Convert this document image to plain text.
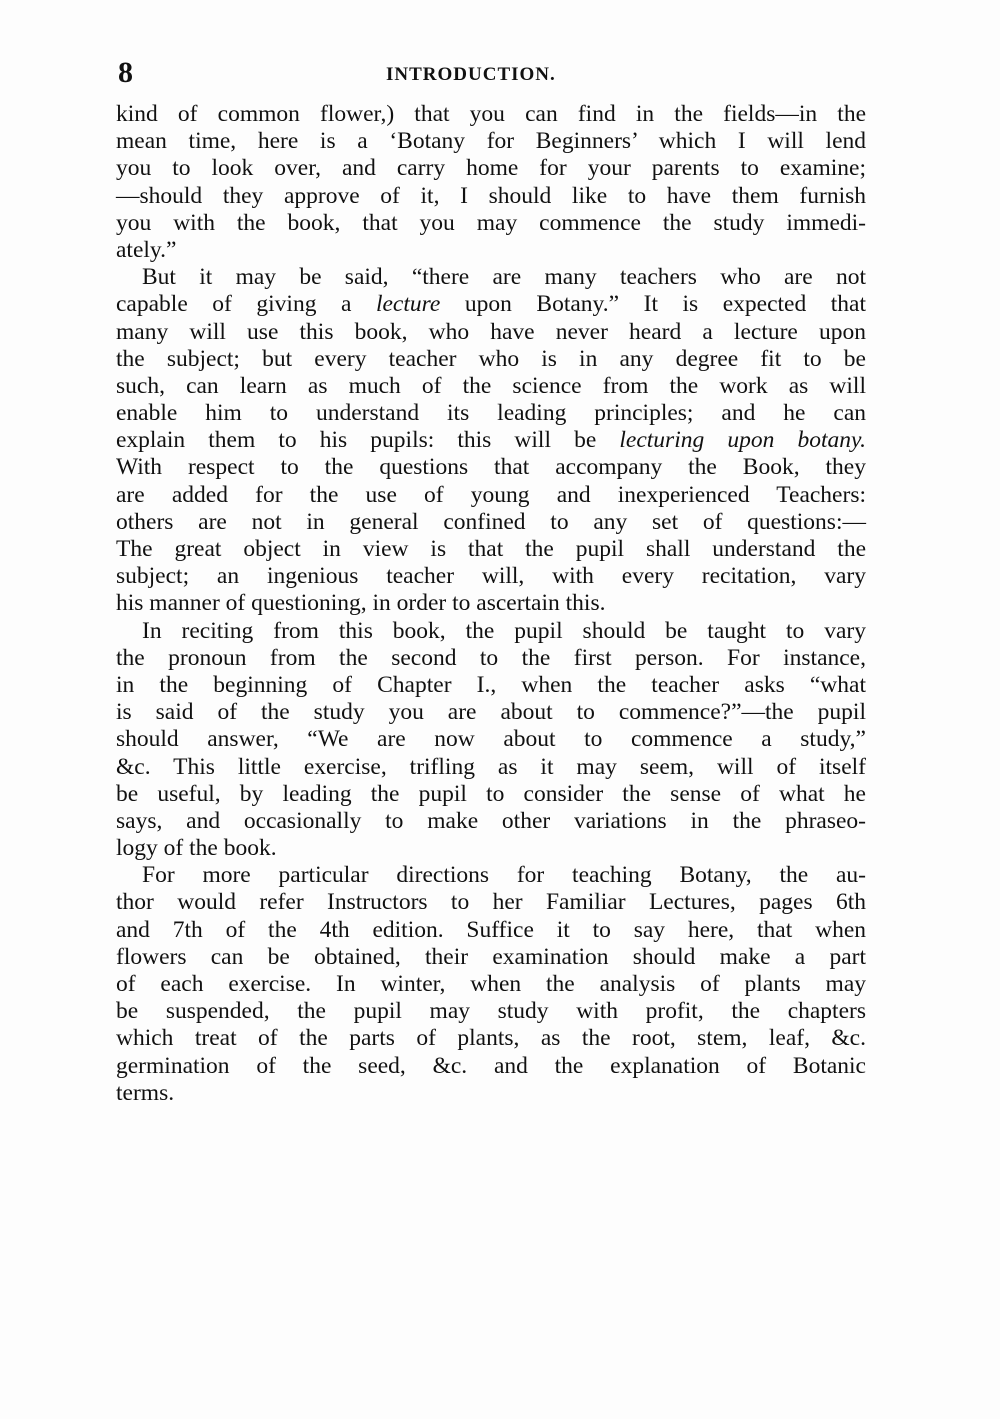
8	INTRODUCTION.
kind of common flower,) that you can find in the fields—in the
mean time, here is a ‘Botany for Beginners’ which I will lend
you to look over, and carry home for your parents to examine;
—should they approve of it, I should like to have them furnish
you with the book, that you may commence the study immedi-
ately.”
But it may be said, “there are many teachers who are not
capable of giving a lecture upon Botany.” It is expected that
many will use this book, who have never heard a lecture upon
the subject; but every teacher who is in any degree fit to be
such, can learn as much of the science from the work as will
enable him to understand its leading principles; and he can
explain them to his pupils: this will be lecturing upon botany.
With respect to the questions that accompany the Book, they
are added for the use of young and inexperienced Teachers:
others are not in general confined to any set of questions:—
The great object in view is that the pupil shall understand the
subject; an ingenious teacher will, with every recitation, vary
his manner of questioning, in order to ascertain this.
In reciting from this book, the pupil should be taught to vary
the pronoun from the second to the first person. For instance,
in the beginning of Chapter I., when the teacher asks “what
is said of the study you are about to commence?”—the pupil
should answer, “We are now about to commence a study,”
&c. This little exercise, trifling as it may seem, will of itself
be useful, by leading the pupil to consider the sense of what he
says, and occasionally to make other variations in the phraseo-
logy of the book.
For more particular directions for teaching Botany, the au-
thor would refer Instructors to her Familiar Lectures, pages 6th
and 7th of the 4th edition. Suffice it to say here, that when
flowers can be obtained, their examination should make a part
of each exercise. In winter, when the analysis of plants may
be suspended, the pupil may study with profit, the chapters
which treat of the parts of plants, as the root, stem, leaf, &c.
germination of the seed, &c. and the explanation of Botanic
terms.
